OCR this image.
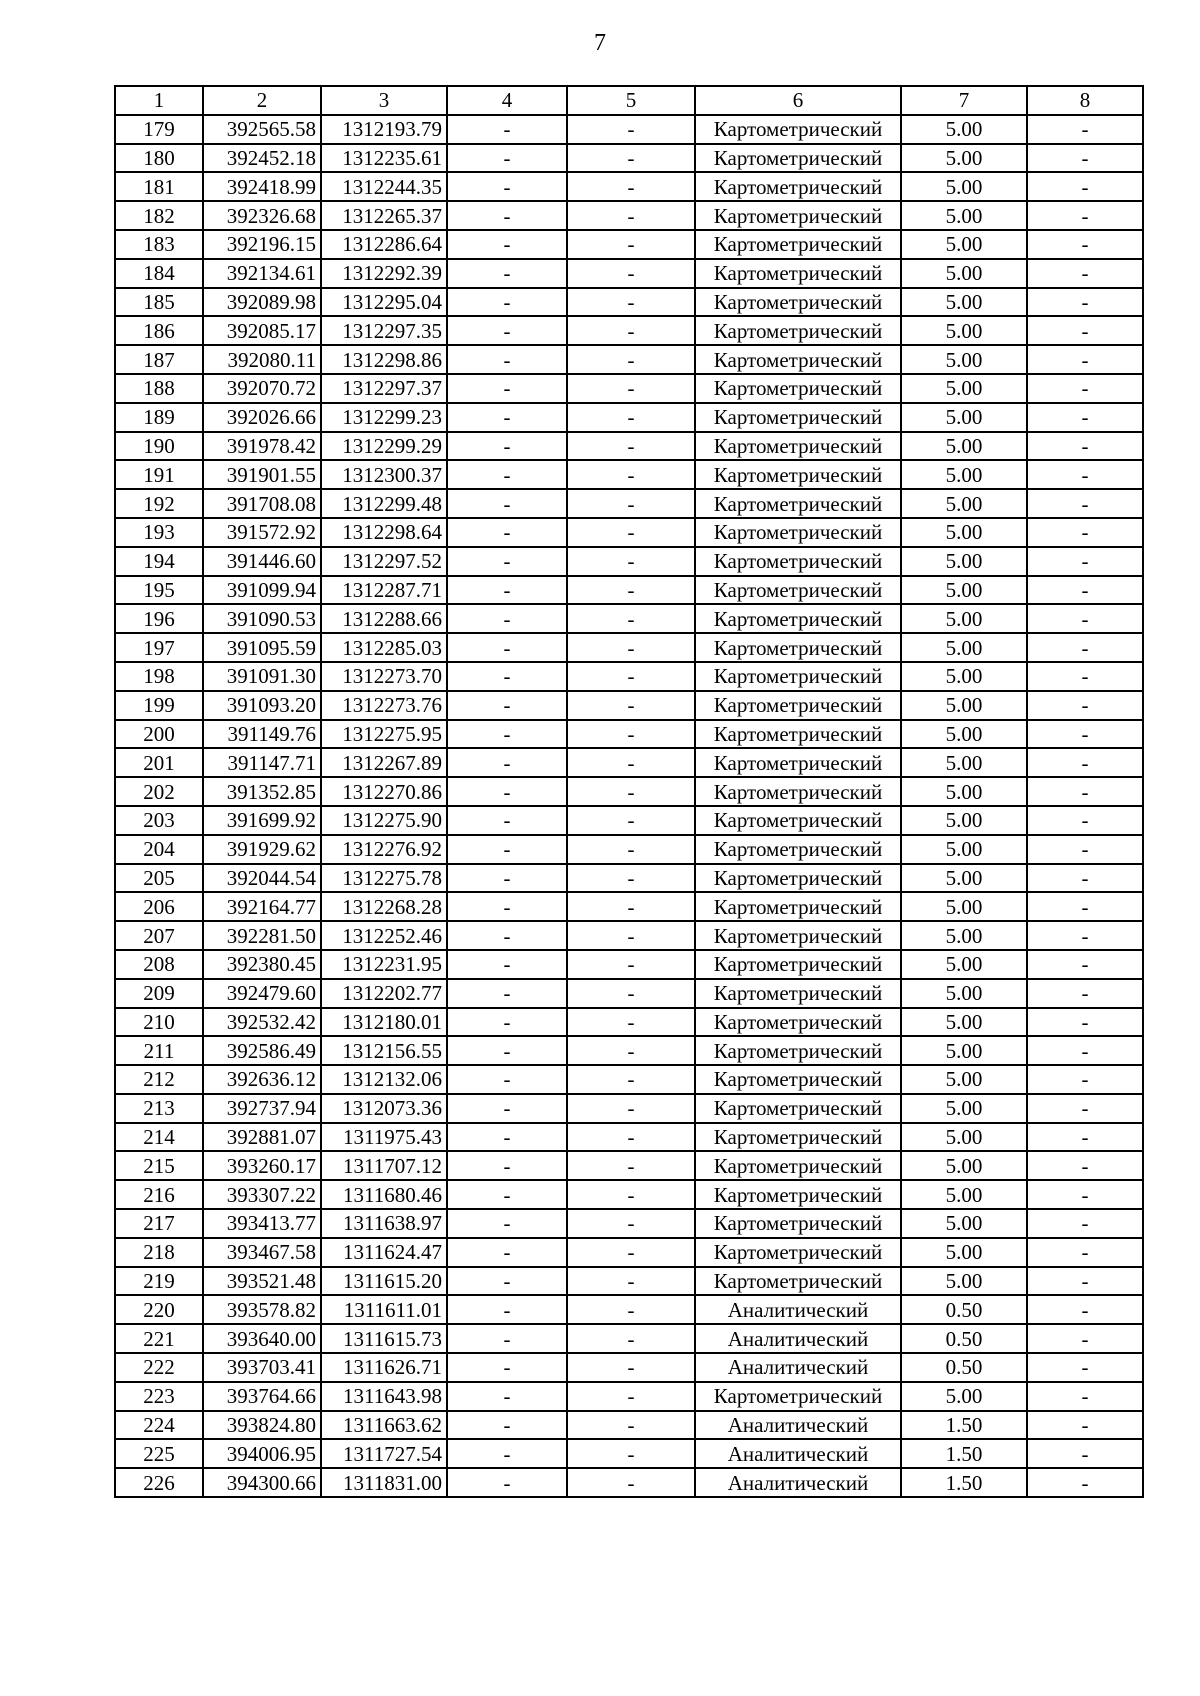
7
1	2	3	4	5	6	7	8
179	392565.58	1312193.79	-	-	Картометрический	5.00	-
180	392452.18	1312235.61	-	-	Картометрический	5.00	-
181	392418.99	1312244.35	-	-	Картометрический	5.00	-
182	392326.68	1312265.37	-	-	Картометрический	5.00	-
183	392196.15	1312286.64	-	-	Картометрический	5.00	-
184	392134.61	1312292.39	-	-	Картометрический	5.00	-
185	392089.98	1312295.04	-	-	Картометрический	5.00	-
186	392085.17	1312297.35	-	-	Картометрический	5.00	-
187	392080.11	1312298.86	-	-	Картометрический	5.00	-
188	392070.72	1312297.37	-	-	Картометрический	5.00	-
189	392026.66	1312299.23	-	-	Картометрический	5.00	-
190	391978.42	1312299.29	-	-	Картометрический	5.00	-
191	391901.55	1312300.37	-	-	Картометрический	5.00	-
192	391708.08	1312299.48	-	-	Картометрический	5.00	-
193	391572.92	1312298.64	-	-	Картометрический	5.00	-
194	391446.60	1312297.52	-	-	Картометрический	5.00	-
195	391099.94	1312287.71	-	-	Картометрический	5.00	-
196	391090.53	1312288.66	-	-	Картометрический	5.00	-
197	391095.59	1312285.03	-	-	Картометрический	5.00	-
198	391091.30	1312273.70	-	-	Картометрический	5.00	-
199	391093.20	1312273.76	-	-	Картометрический	5.00	-
200	391149.76	1312275.95	-	-	Картометрический	5.00	-
201	391147.71	1312267.89	-	-	Картометрический	5.00	-
202	391352.85	1312270.86	-	-	Картометрический	5.00	-
203	391699.92	1312275.90	-	-	Картометрический	5.00	-
204	391929.62	1312276.92	-	-	Картометрический	5.00	-
205	392044.54	1312275.78	-	-	Картометрический	5.00	-
206	392164.77	1312268.28	-	-	Картометрический	5.00	-
207	392281.50	1312252.46	-	-	Картометрический	5.00	-
208	392380.45	1312231.95	-	-	Картометрический	5.00	-
209	392479.60	1312202.77	-	-	Картометрический	5.00	-
210	392532.42	1312180.01	-	-	Картометрический	5.00	-
211	392586.49	1312156.55	-	-	Картометрический	5.00	-
212	392636.12	1312132.06	-	-	Картометрический	5.00	-
213	392737.94	1312073.36	-	-	Картометрический	5.00	-
214	392881.07	1311975.43	-	-	Картометрический	5.00	-
215	393260.17	1311707.12	-	-	Картометрический	5.00	-
216	393307.22	1311680.46	-	-	Картометрический	5.00	-
217	393413.77	1311638.97	-	-	Картометрический	5.00	-
218	393467.58	1311624.47	-	-	Картометрический	5.00	-
219	393521.48	1311615.20	-	-	Картометрический	5.00	-
220	393578.82	1311611.01	-	-	Аналитический	0.50	-
221	393640.00	1311615.73	-	-	Аналитический	0.50	-
222	393703.41	1311626.71	-	-	Аналитический	0.50	-
223	393764.66	1311643.98	-	-	Картометрический	5.00	-
224	393824.80	1311663.62	-	-	Аналитический	1.50	-
225	394006.95	1311727.54	-	-	Аналитический	1.50	-
226	394300.66	1311831.00	-	-	Аналитический	1.50	-
